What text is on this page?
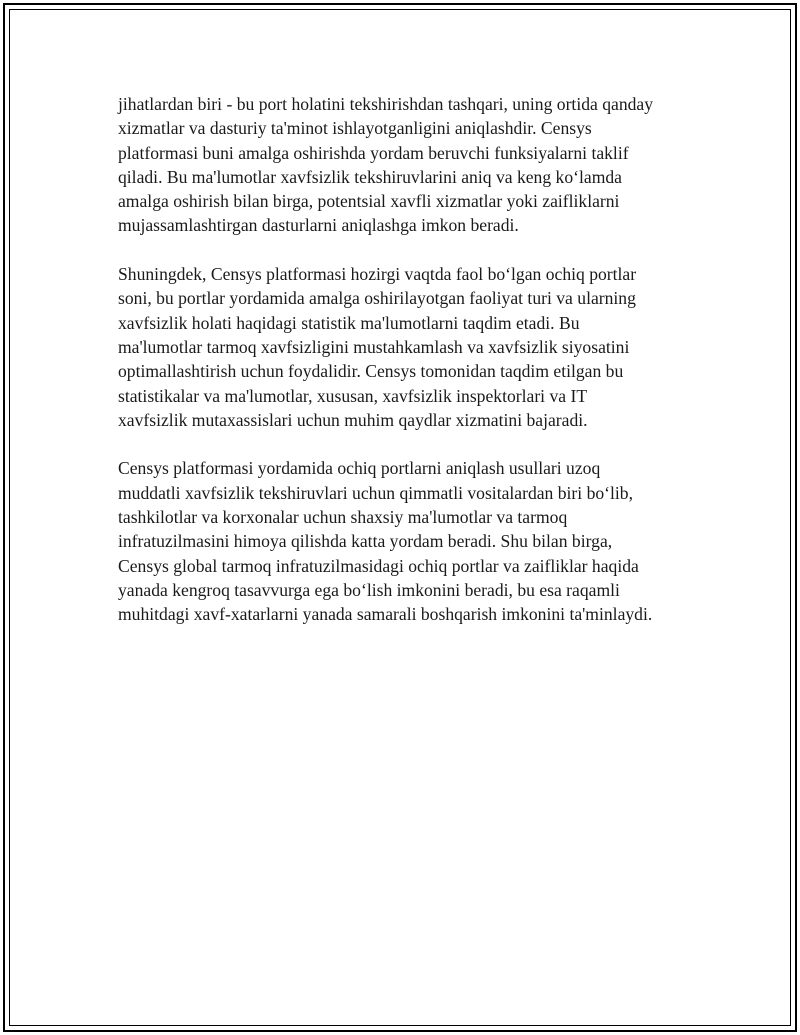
jihatlardan biri - bu port holatini tekshirishdan tashqari, uning ortida qanday
xizmatlar va dasturiy ta'minot ishlayotganligini aniqlashdir. Censys
platformasi buni amalga oshirishda yordam beruvchi funksiyalarni taklif
qiladi. Bu ma'lumotlar xavfsizlik tekshiruvlarini aniq va keng ko‘lamda
amalga oshirish bilan birga, potentsial xavfli xizmatlar yoki zaifliklarni
mujassamlashtirgan dasturlarni aniqlashga imkon beradi.

Shuningdek, Censys platformasi hozirgi vaqtda faol bo‘lgan ochiq portlar
soni, bu portlar yordamida amalga oshirilayotgan faoliyat turi va ularning
xavfsizlik holati haqidagi statistik ma'lumotlarni taqdim etadi. Bu
ma'lumotlar tarmoq xavfsizligini mustahkamlash va xavfsizlik siyosatini
optimallashtirish uchun foydalidir. Censys tomonidan taqdim etilgan bu
statistikalar va ma'lumotlar, xususan, xavfsizlik inspektorlari va IT
xavfsizlik mutaxassislari uchun muhim qaydlar xizmatini bajaradi.

Censys platformasi yordamida ochiq portlarni aniqlash usullari uzoq
muddatli xavfsizlik tekshiruvlari uchun qimmatli vositalardan biri bo‘lib,
tashkilotlar va korxonalar uchun shaxsiy ma'lumotlar va tarmoq
infratuzilmasini himoya qilishda katta yordam beradi. Shu bilan birga,
Censys global tarmoq infratuzilmasidagi ochiq portlar va zaifliklar haqida
yanada kengroq tasavvurga ega bo‘lish imkonini beradi, bu esa raqamli
muhitdagi xavf-xatarlarni yanada samarali boshqarish imkonini ta'minlaydi.
